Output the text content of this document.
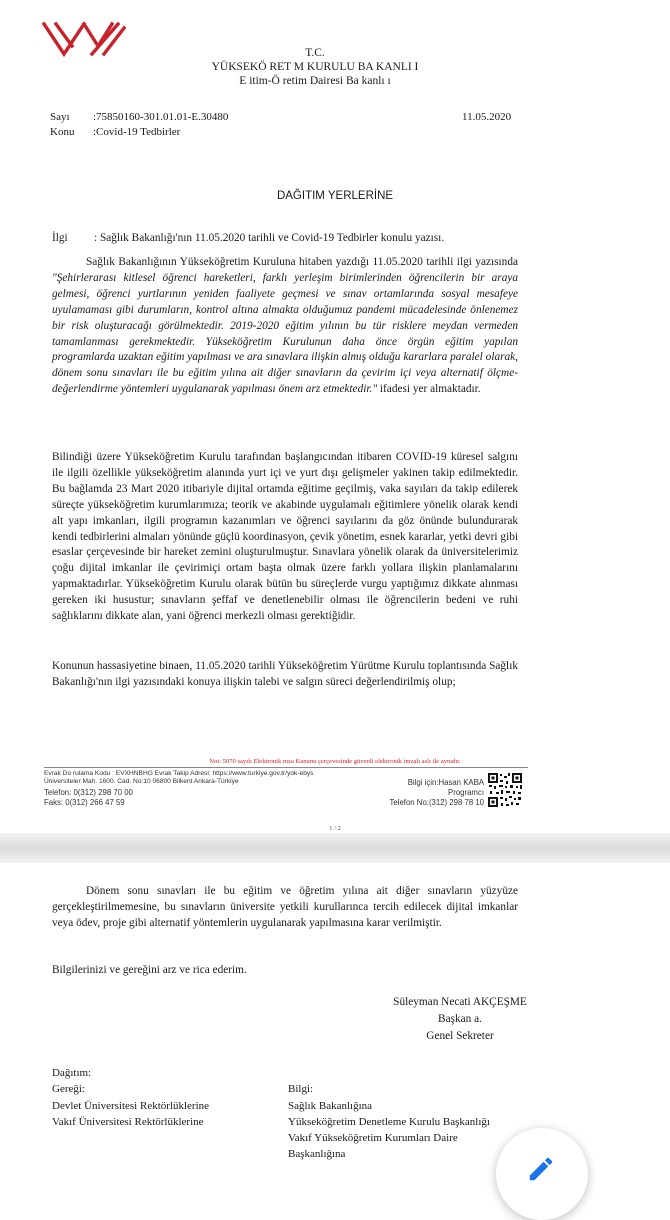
T.C.
YÜKSEKÖ RET M KURULU BA KANLI I
E itim-Ö retim Dairesi Ba kanlı ı
Sayı :75850160-301.01.01-E.30480	11.05.2020
Konu :Covid-19 Tedbirler
DAĞITIM YERLERİNE
İlgi : Sağlık Bakanlığı'nın 11.05.2020 tarihli ve Covid-19 Tedbirler konulu yazısı.
Sağlık Bakanlığının Yükseköğretim Kuruluna hitaben yazdığı 11.05.2020 tarihli ilgi yazısında "Şehirlerarası kitlesel öğrenci hareketleri, farklı yerleşim birimlerinden öğrencilerin bir araya gelmesi, öğrenci yurtlarının yeniden faaliyete geçmesi ve sınav ortamlarında sosyal mesafeye uyulamaması gibi durumların, kontrol altına almakta olduğumuz pandemi mücadelesinde önlenemez bir risk oluşturacağı görülmektedir. 2019-2020 eğitim yılının bu tür risklere meydan vermeden tamamlanması gerekmektedir. Yükseköğretim Kurulunun daha önce örgün eğitim yapılan programlarda uzaktan eğitim yapılması ve ara sınavlara ilişkin almış olduğu kararlara paralel olarak, dönem sonu sınavları ile bu eğitim yılına ait diğer sınavların da çevirim içi veya alternatif ölçme-değerlendirme yöntemleri uygulanarak yapılması önem arz etmektedir." ifadesi yer almaktadır.
Bilindiği üzere Yükseköğretim Kurulu tarafından başlangıcından itibaren COVID-19 küresel salgını ile ilgili özellikle yükseköğretim alanında yurt içi ve yurt dışı gelişmeler yakinen takip edilmektedir. Bu bağlamda 23 Mart 2020 itibariyle dijital ortamda eğitime geçilmiş, vaka sayıları da takip edilerek süreçte yükseköğretim kurumlarımıza; teorik ve akabinde uygulamalı eğitimlere yönelik olarak kendi alt yapı imkanları, ilgili programın kazanımları ve öğrenci sayılarını da göz önünde bulundurarak kendi tedbirlerini almaları yönünde güçlü koordinasyon, çevik yönetim, esnek kararlar, yetki devri gibi esaslar çerçevesinde bir hareket zemini oluşturulmuştur. Sınavlara yönelik olarak da üniversitelerimiz çoğu dijital imkanlar ile çevirimiçi ortam başta olmak üzere farklı yollara ilişkin planlamalarını yapmaktadırlar. Yükseköğretim Kurulu olarak bütün bu süreçlerde vurgu yaptığımız dikkate alınması gereken iki husustur; sınavların şeffaf ve denetlenebilir olması ile öğrencilerin bedeni ve ruhi sağlıklarını dikkate alan, yani öğrenci merkezli olması gerektiğidir.
Konunun hassasiyetine binaen, 11.05.2020 tarihli Yükseköğretim Yürütme Kurulu toplantısında Sağlık Bakanlığı'nın ilgi yazısındaki konuya ilişkin talebi ve salgın süreci değerlendirilmiş olup;
Not: 5070 sayılı Elektronik mza Kanunu çerçevesinde güvenli elektronik imzalı aslı ile aynıdır.
Evrak Do rulama Kodu : EVXHNBHG Evrak Takip Adresi: https://www.turkiye.gov.tr/yok-ebys
Üniversiteler Mah. 1600. Cad. No:10 06800 Bilkent Ankara-Türkiye
Telefon: 0(312) 298 70 00
Faks: 0(312) 266 47 59
Bilgi için:Hasan KABA
Programcı
Telefon No:(312) 298 78 10
1 / 2
Dönem sonu sınavları ile bu eğitim ve öğretim yılına ait diğer sınavların yüzyüze gerçekleştirilmemesine, bu sınavların üniversite yetkili kurullarınca tercih edilecek dijital imkanlar veya ödev, proje gibi alternatif yöntemlerin uygulanarak yapılmasına karar verilmiştir.
Bilgilerinizi ve gereğini arz ve rica ederim.
Süleyman Necati AKÇEŞME
Başkan a.
Genel Sekreter
Dağıtım:
Gereği:
Devlet Üniversitesi Rektörlüklerine
Vakıf Üniversitesi Rektörlüklerine
Bilgi:
Sağlık Bakanlığına
Yükseköğretim Denetleme Kurulu Başkanlığı
Vakıf Yükseköğretim Kurumları Daire
Başkanlığına
